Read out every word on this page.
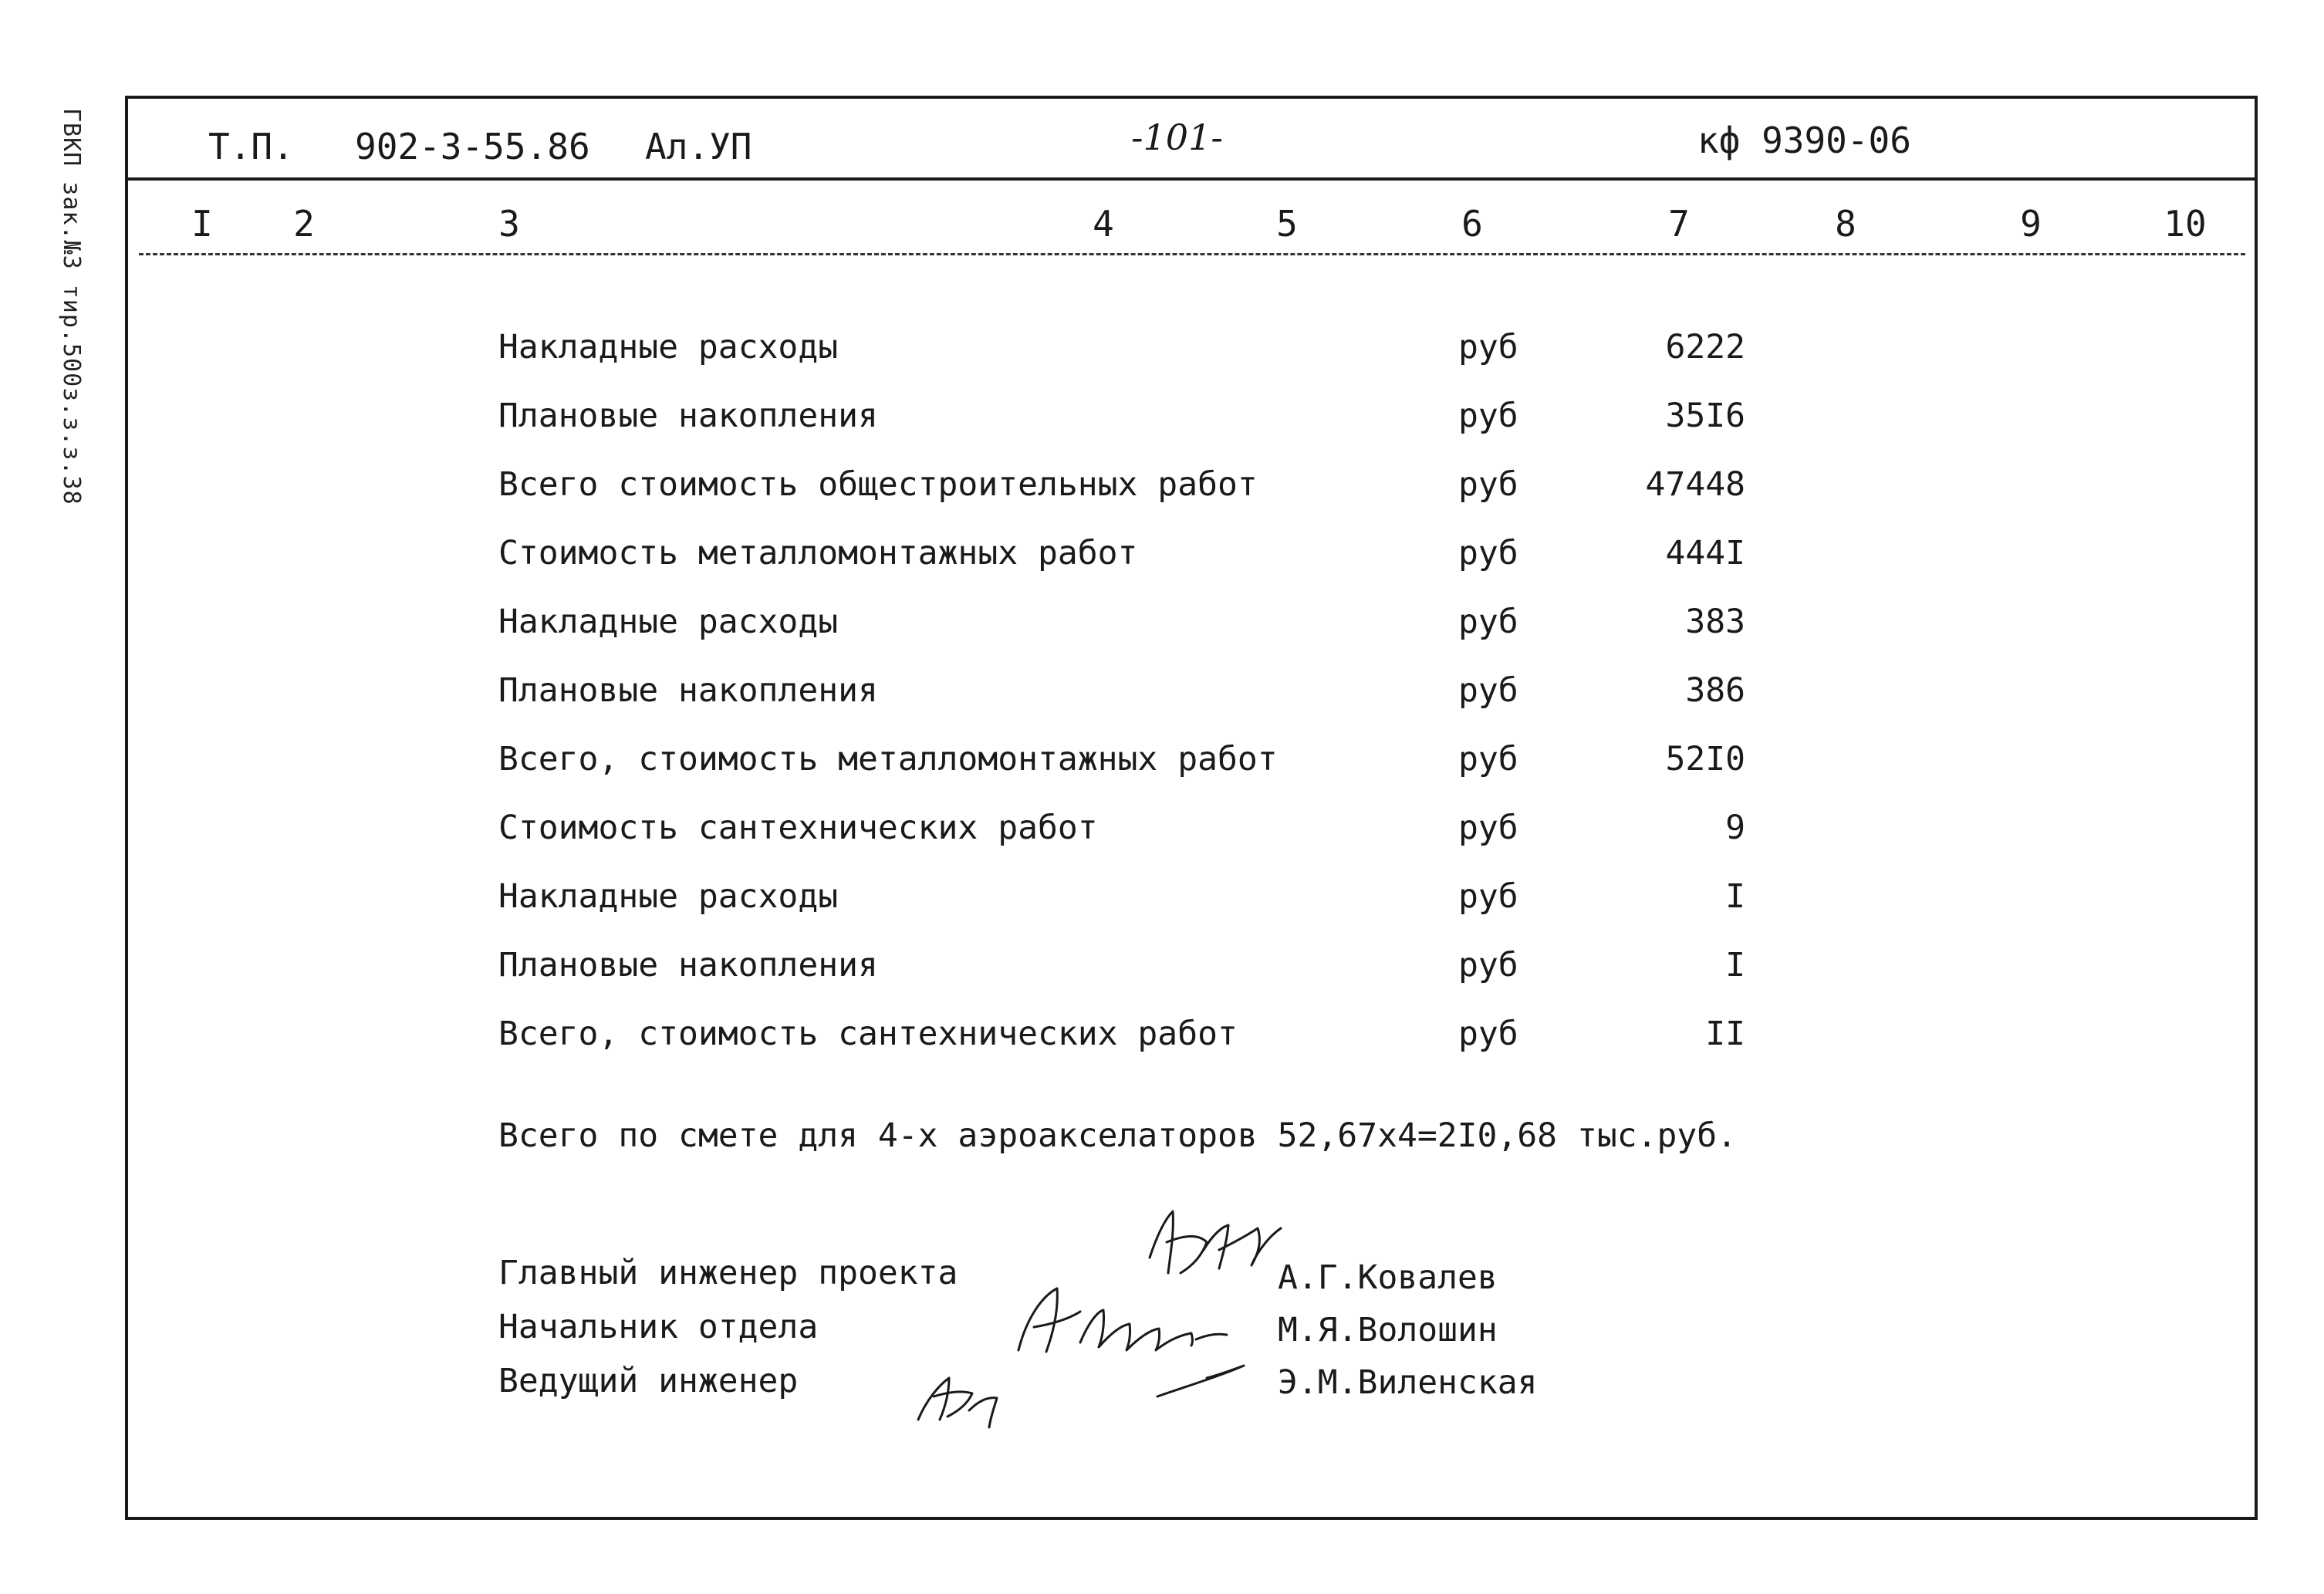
ГВКП зак.№3 тир.500з.з.з.38	Т.П. 902-3-55.86 Ал.УП	-101-	кф 9390-06
I	2	3	4	5	6	7	8	9	10
Накладные расходы	руб	6222
Плановые накопления	руб	35I6
Всего стоимость общестроительных работ	руб	47448
Стоимость металломонтажных работ	руб	444I
Накладные расходы	руб	383
Плановые накопления	руб	386
Всего, стоимость металломонтажных работ	руб	52I0
Стоимость сантехнических работ	руб	9
Накладные расходы	руб	I
Плановые накопления	руб	I
Всего, стоимость сантехнических работ	руб	II
Всего по смете для 4-х аэроакселаторов 52,67х4=2I0,68 тыс.руб.
Главный инженер проекта	А.Г.Ковалев
Начальник отдела	М.Я.Волошин
Ведущий инженер	Э.М.Виленская
